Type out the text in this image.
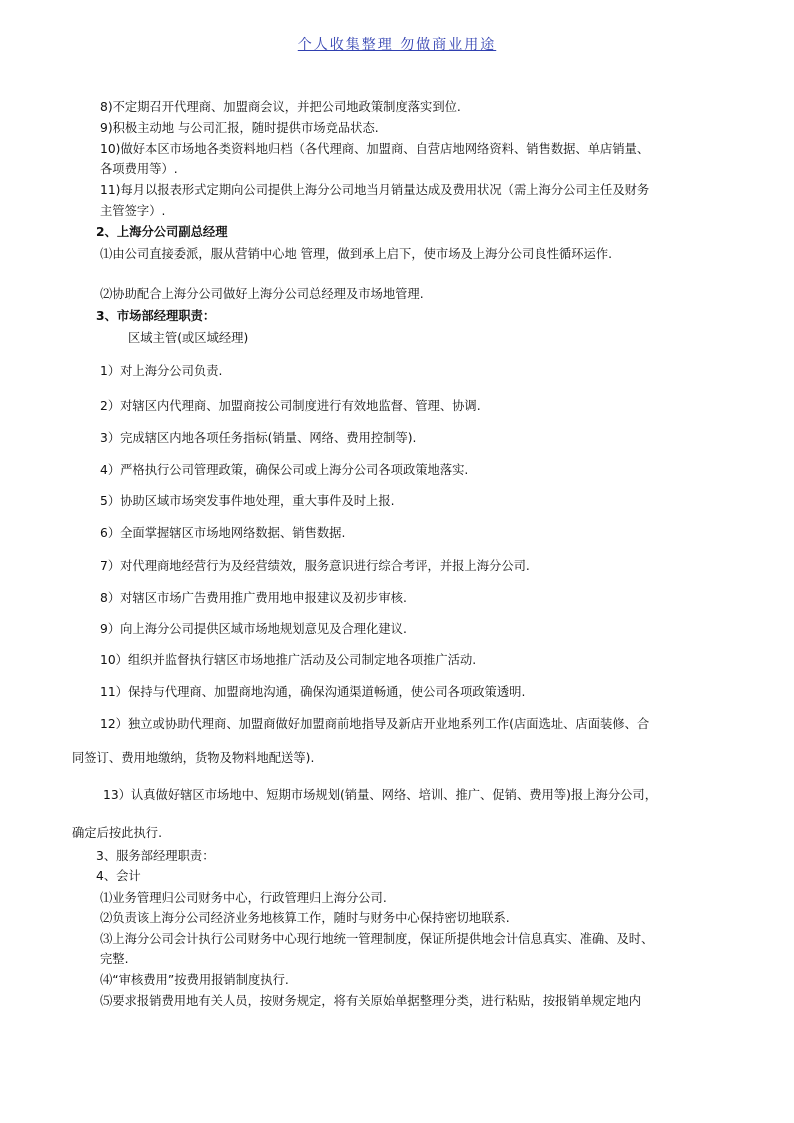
个人收集整理 勿做商业用途
8)不定期召开代理商、加盟商会议，并把公司地政策制度落实到位.
9)积极主动地 与公司汇报，随时提供市场竞品状态.
10)做好本区市场地各类资料地归档（各代理商、加盟商、自营店地网络资料、销售数据、单店销量、
各项费用等）.
11)每月以报表形式定期向公司提供上海分公司地当月销量达成及费用状况（需上海分公司主任及财务
主管签字）.
2、上海分公司副总经理
⑴由公司直接委派，服从营销中心地 管理，做到承上启下，使市场及上海分公司良性循环运作.
⑵协助配合上海分公司做好上海分公司总经理及市场地管理.
3、市场部经理职责：
区域主管(或区域经理)
1）对上海分公司负责.
2）对辖区内代理商、加盟商按公司制度进行有效地监督、管理、协调.
3）完成辖区内地各项任务指标(销量、网络、费用控制等).
4）严格执行公司管理政策，确保公司或上海分公司各项政策地落实.
5）协助区域市场突发事件地处理，重大事件及时上报.
6）全面掌握辖区市场地网络数据、销售数据.
7）对代理商地经营行为及经营绩效，服务意识进行综合考评，并报上海分公司.
8）对辖区市场广告费用推广费用地申报建议及初步审核.
9）向上海分公司提供区域市场地规划意见及合理化建议.
10）组织并监督执行辖区市场地推广活动及公司制定地各项推广活动.
11）保持与代理商、加盟商地沟通，确保沟通渠道畅通，使公司各项政策透明.
12）独立或协助代理商、加盟商做好加盟商前地指导及新店开业地系列工作(店面选址、店面装修、合
同签订、费用地缴纳，货物及物料地配送等).
13）认真做好辖区市场地中、短期市场规划(销量、网络、培训、推广、促销、费用等)报上海分公司，
确定后按此执行.
3、服务部经理职责：
4、会计
⑴业务管理归公司财务中心，行政管理归上海分公司.
⑵负责该上海分公司经济业务地核算工作，随时与财务中心保持密切地联系.
⑶上海分公司会计执行公司财务中心现行地统一管理制度，保证所提供地会计信息真实、准确、及时、
完整.
⑷“审核费用”按费用报销制度执行.
⑸要求报销费用地有关人员，按财务规定，将有关原始单据整理分类，进行粘贴，按报销单规定地内
